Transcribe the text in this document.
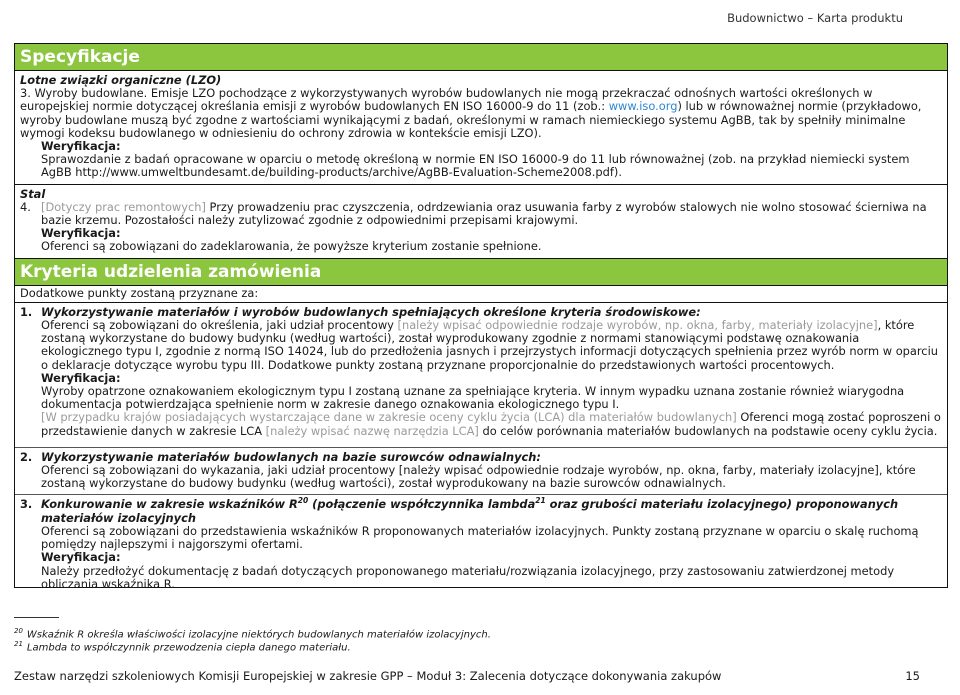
Budownictwo – Karta produktu
Specyfikacje
Lotne związki organiczne (LZO)
3. Wyroby budowlane. Emisje LZO pochodzące z wykorzystywanych wyrobów budowlanych nie mogą przekraczać odnośnych wartości określonych w europejskiej normie dotyczącej określania emisji z wyrobów budowlanych EN ISO 16000-9 do 11 (zob.: www.iso.org) lub w równoważnej normie (przykładowo, wyroby budowlane muszą być zgodne z wartościami wynikającymi z badań, określonymi w ramach niemieckiego systemu AgBB, tak by spełniły minimalne wymogi kodeksu budowlanego w odniesieniu do ochrony zdrowia w kontekście emisji LZO).
Weryfikacja:
Sprawozdanie z badań opracowane w oparciu o metodę określoną w normie EN ISO 16000-9 do 11 lub równoważnej (zob. na przykład niemiecki system AgBB http://www.umweltbundesamt.de/building-products/archive/AgBB-Evaluation-Scheme2008.pdf).
Stal
4. [Dotyczy prac remontowych] Przy prowadzeniu prac czyszczenia, odrdzewiania oraz usuwania farby z wyrobów stalowych nie wolno stosować ścierniwa na bazie krzemu. Pozostałości należy zutylizować zgodnie z odpowiednimi przepisami krajowymi.
Weryfikacja:
Oferenci są zobowiązani do zadeklarowania, że powyższe kryterium zostanie spełnione.
Kryteria udzielenia zamówienia
Dodatkowe punkty zostaną przyznane za:
1. Wykorzystywanie materiałów i wyrobów budowlanych spełniających określone kryteria środowiskowe:
Oferenci są zobowiązani do określenia, jaki udział procentowy [należy wpisać odpowiednie rodzaje wyrobów, np. okna, farby, materiały izolacyjne], które zostaną wykorzystane do budowy budynku (według wartości), został wyprodukowany zgodnie z normami stanowiącymi podstawę oznakowania ekologicznego typu I, zgodnie z normą ISO 14024, lub do przedłożenia jasnych i przejrzystych informacji dotyczących spełnienia przez wyrób norm w oparciu o deklaracje dotyczące wyrobu typu III. Dodatkowe punkty zostaną przyznane proporcjonalnie do przedstawionych wartości procentowych.
Weryfikacja:
Wyroby opatrzone oznakowaniem ekologicznym typu I zostaną uznane za spełniające kryteria. W innym wypadku uznana zostanie również wiarygodna dokumentacja potwierdzająca spełnienie norm w zakresie danego oznakowania ekologicznego typu I.
[W przypadku krajów posiadających wystarczające dane w zakresie oceny cyklu życia (LCA) dla materiałów budowlanych] Oferenci mogą zostać poproszeni o przedstawienie danych w zakresie LCA [należy wpisać nazwę narzędzia LCA] do celów porównania materiałów budowlanych na podstawie oceny cyklu życia.
2. Wykorzystywanie materiałów budowlanych na bazie surowców odnawialnych:
Oferenci są zobowiązani do wykazania, jaki udział procentowy [należy wpisać odpowiednie rodzaje wyrobów, np. okna, farby, materiały izolacyjne], które zostaną wykorzystane do budowy budynku (według wartości), został wyprodukowany na bazie surowców odnawialnych.
3. Konkurowanie w zakresie wskaźników $R^{20}$ (połączenie współczynnika lambda$^{21}$ oraz grubości materiału izolacyjnego) proponowanych materiałów izolacyjnych
Oferenci są zobowiązani do przedstawienia wskaźników R proponowanych materiałów izolacyjnych. Punkty zostaną przyznane w oparciu o skalę ruchomą pomiędzy najlepszymi i najgorszymi ofertami.
Weryfikacja:
Należy przedłożyć dokumentację z badań dotyczących proponowanego materiału/rozwiązania izolacyjnego, przy zastosowaniu zatwierdzonej metody obliczania wskaźnika R.
$^{20}$ Wskaźnik R określa właściwości izolacyjne niektórych budowlanych materiałów izolacyjnych.
$^{21}$ Lambda to współczynnik przewodzenia ciepła danego materiału.
Zestaw narzędzi szkoleniowych Komisji Europejskiej w zakresie GPP – Moduł 3: Zalecenia dotyczące dokonywania zakupów	15
